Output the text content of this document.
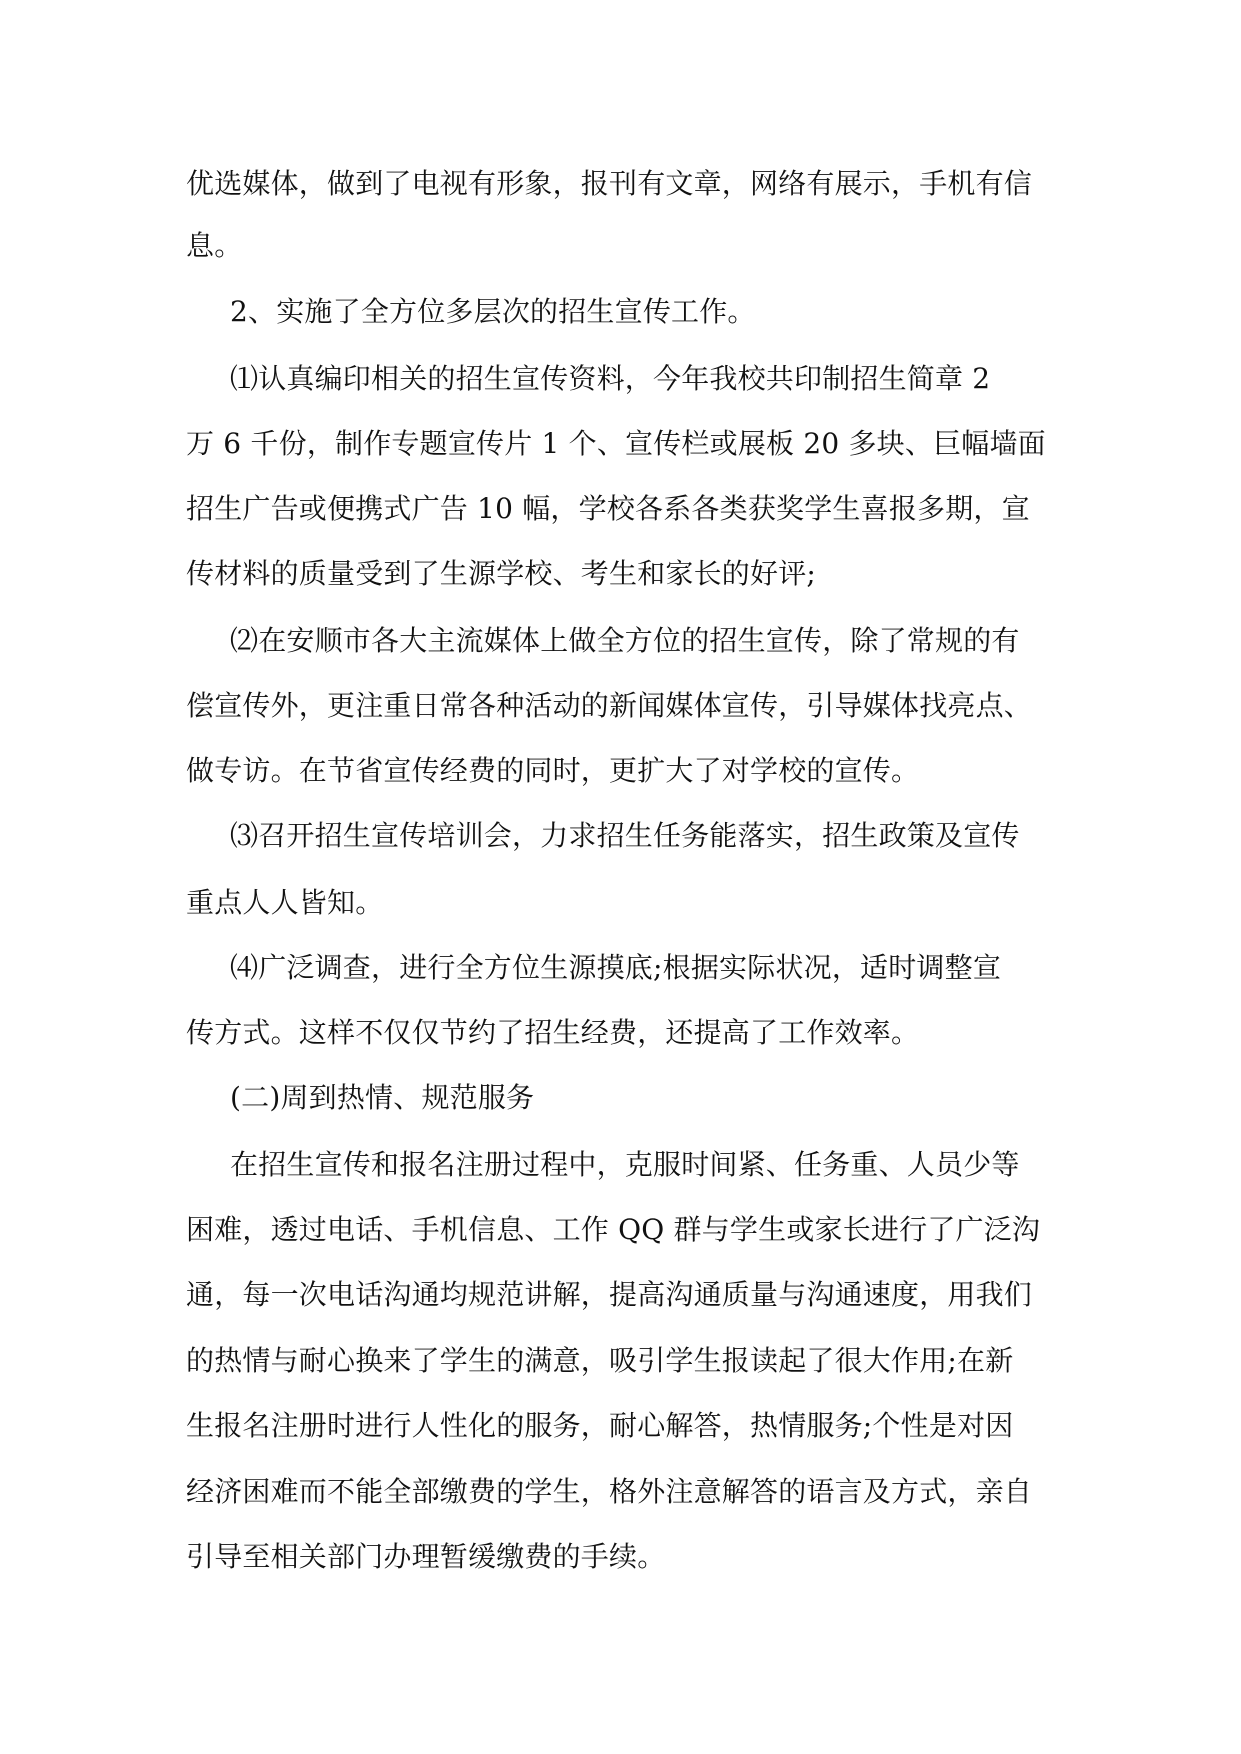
优选媒体，做到了电视有形象，报刊有文章，网络有展示，手机有信
息。
2、实施了全方位多层次的招生宣传工作。
⑴认真编印相关的招生宣传资料，今年我校共印制招生简章 2
万 6 千份，制作专题宣传片 1 个、宣传栏或展板 20 多块、巨幅墙面
招生广告或便携式广告 10 幅，学校各系各类获奖学生喜报多期，宣
传材料的质量受到了生源学校、考生和家长的好评;
⑵在安顺市各大主流媒体上做全方位的招生宣传，除了常规的有
偿宣传外，更注重日常各种活动的新闻媒体宣传，引导媒体找亮点、
做专访。在节省宣传经费的同时，更扩大了对学校的宣传。
⑶召开招生宣传培训会，力求招生任务能落实，招生政策及宣传
重点人人皆知。
⑷广泛调查，进行全方位生源摸底;根据实际状况，适时调整宣
传方式。这样不仅仅节约了招生经费，还提高了工作效率。
(二)周到热情、规范服务
在招生宣传和报名注册过程中，克服时间紧、任务重、人员少等
困难，透过电话、手机信息、工作 QQ 群与学生或家长进行了广泛沟
通，每一次电话沟通均规范讲解，提高沟通质量与沟通速度，用我们
的热情与耐心换来了学生的满意，吸引学生报读起了很大作用;在新
生报名注册时进行人性化的服务，耐心解答，热情服务;个性是对因
经济困难而不能全部缴费的学生，格外注意解答的语言及方式，亲自
引导至相关部门办理暂缓缴费的手续。
